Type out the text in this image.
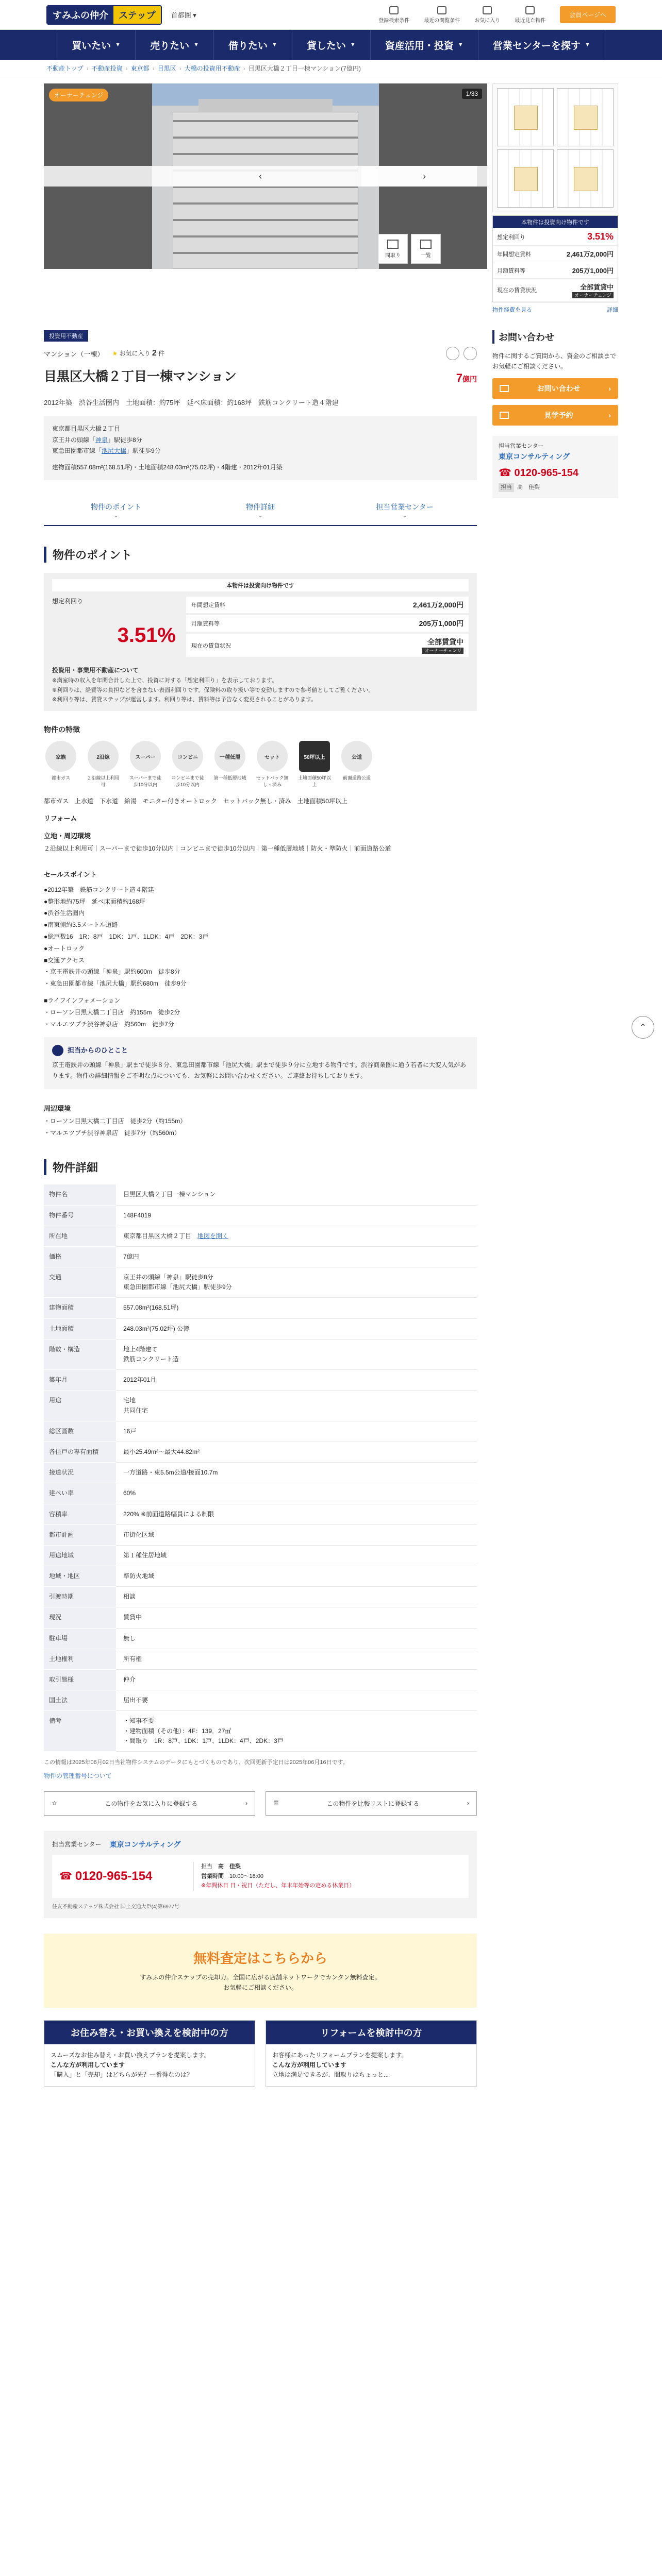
すみふの仲介	ステップ	首都圏 ▾
登録検索条件	最近の閲覧条件	お気に入り	最近見た物件
会員ページへ
買いたい ▼	売りたい ▼	借りたい ▼	貸したい ▼	資産活用・投資 ▼	営業センターを探す ▼
不動産トップ › 不動産投資 › 東京都 › 目黒区 › 大橋の投資用不動産 › 目黒区大橋２丁目一棟マンション(7億円)
オーナーチェンジ	1/33
‹	›
間取り	一覧
本物件は投資向け物件です
想定利回り	3.51%
年間想定賃料	2,461万2,000円
月額賃料等	205万1,000円
現在の賃貸状況	全部賃貸中
オーナーチェンジ
物件経費を見る	詳細
投資用不動産
マンション（一棟） ★ お気に入り 2 件
目黒区大橋２丁目一棟マンション	7億円
2012年築　渋谷生活圏内　土地面積：約75坪　延べ床面積：約168坪　鉄筋コンクリート造４階建
東京都目黒区大橋２丁目
京王井の頭線「神泉」駅徒歩8分
東急田園都市線「池尻大橋」駅徒歩9分
建物面積557.08m²(168.51坪)・土地面積248.03m²(75.02坪)・4階建・2012年01月築
物件のポイント
⌄
物件詳細
⌄
担当営業センター
⌄
物件のポイント
本物件は投資向け物件です
想定利回り
3.51%
年間想定賃料	2,461万2,000円
月額賃料等	205万1,000円
現在の賃貸状況	全部賃貸中
オーナーチェンジ
投資用・事業用不動産について
※満室時の収入を年間合計した上で、投資に対する「想定利回り」を表示しております。
※利回りは、経費等の負担などを含まない表面利回りです。保険料の取り扱い等で変動しますので参考値としてご覧ください。
※利回り等は、賃貸ステップが運営します。利回り等は、賃料等は予告なく変更されることがあります。
物件の特徴
家族
都市ガス
2沿線
２沿線以上利用可
スーパー
スーパーまで徒歩10分以内
コンビニ
コンビニまで徒歩10分以内
一種低層
第一種低層地域
セット
セットバック無し・済み
50坪以上
土地面積50坪以上
公道
前面道路公道
都市ガス　上水道　下水道　給湯　モニター付きオートロック　セットバック無し・済み　土地面積50坪以上
リフォーム
立地・周辺環境
２沿線以上利用可｜スーパーまで徒歩10分以内｜コンビニまで徒歩10分以内｜第一種低層地域｜防火・準防火｜前面道路公道
セールスポイント
●2012年築　鉄筋コンクリート造４階建
●整形地約75坪　延べ床面積約168坪
●渋谷生活圏内
●南東側約3.5メートル道路
●総戸数16　1R：8戸　1DK：1戸、1LDK：4戸　2DK：3戸
●オートロック
■交通アクセス
・京王電鉄井の頭線「神泉」駅約600m　徒歩8分
・東急田園都市線「池尻大橋」駅約680m　徒歩9分
■ライフインフォメーション
・ローソン目黒大橋二丁目店　約155m　徒歩2分
・マルエツプチ渋谷神泉店　約560m　徒歩7分
担当からのひとこと
京王電鉄井の頭線「神泉」駅まで徒歩８分、東急田園都市線「池尻大橋」駅まで徒歩９分に立地する物件です。渋谷商業圏に通う若者に大変人気があります。物件の詳細情報をご不明な点についても、お気軽にお問い合わせください。ご連絡お待ちしております。
周辺環境
・ローソン目黒大橋二丁目店　徒歩2分（約155m）
・マルエツプチ渋谷神泉店　徒歩7分（約560m）
物件詳細
物件名	目黒区大橋２丁目一棟マンション
物件番号	148F4019
所在地	東京都目黒区大橋２丁目　 地図を開く
価格	7億円
交通	京王井の頭線「神泉」駅徒歩8分
東急田園都市線「池尻大橋」駅徒歩9分

建物面積	557.08m²(168.51坪)
土地面積	248.03m²(75.02坪) 公簿
階数・構造	地上4階建て
鉄筋コンクリート造

築年月	2012年01月
用途	宅地
共同住宅

総区画数	16戸
各住戸の専有面積	最小25.49m²〜最大44.82m²
接道状況	一方道路・東5.5m公道/接面10.7m
建ぺい率	60%
容積率	220% ※前面道路幅員による制限
都市計画	市街化区域
用途地域	第１種住居地域
地域・地区	準防火地域
引渡時期	相談
現況	賃貸中
駐車場	無し
土地権利	所有権
取引態様	仲介
国土法	届出不要
備考	・知事不要
・建物面積（その他）：4F：139．27㎡
・間取り　1R：8戸、1DK：1戸、1LDK：4戸、2DK：3戸
この情報は2025年06月02日当社物件システムのデータにもとづくものであり、次回更新予定日は2025年06月16日です。
物件の管理番号について
☆	この物件をお気に入りに登録する	›	☰	この物件を比較リストに登録する	›
担当営業センター 東京コンサルティング
☎ 0120-965-154
担当　 高　佳梨
営業時間　 10:00〜18:00
※年間休日 日・祝日（ただし、年末年始等の定める休業日）
住友不動産ステップ株式会社 国土交通大臣(4)第6977号
無料査定はこちらから

すみふの仲介ステップの売却力。全国に広がる店舗ネットワークでカンタン無料査定。
お気軽にご相談ください。

お住み替え・お買い換えを検討中の方
スムーズなお住み替え・お買い換えプランを提案します。
こんな方が利用しています
「購入」と「売却」はどちらが先？一番得なのは？
リフォームを検討中の方
お客様にあったリフォームプランを提案します。
こんな方が利用しています
立地は満足できるが、間取りはちょっと...
お問い合わせ
物件に関するご質問から、資金のご相談までお気軽にご相談ください。
お問い合わせ	›
見学予約	›
担当営業センター
東京コンサルティング
☎ 0120-965-154
担当 高　佳梨
⌃
